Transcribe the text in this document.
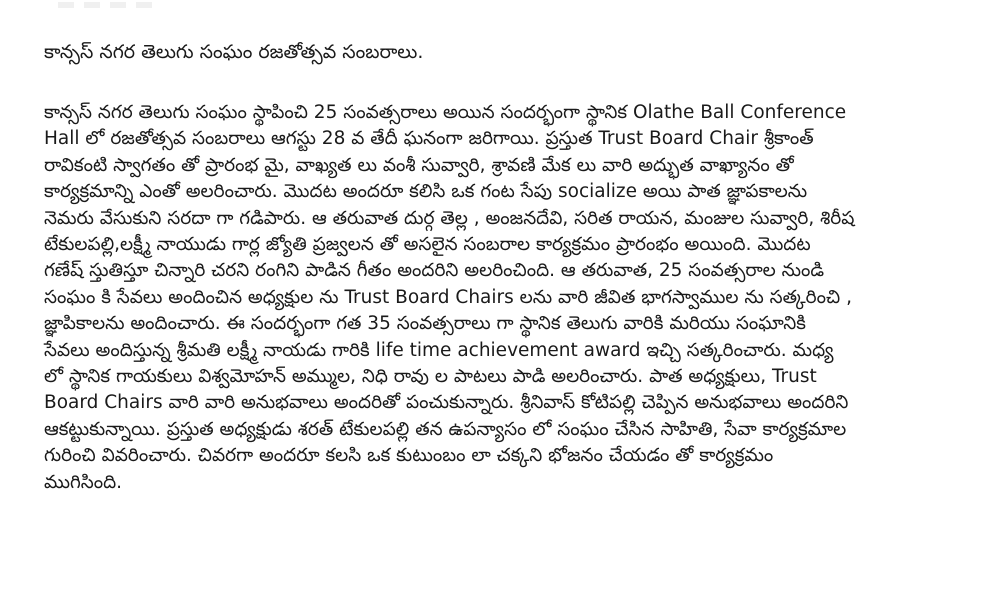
కాన్సస్ నగర తెలుగు సంఘం రజతోత్సవ సంబరాలు.
కాన్సస్ నగర తెలుగు సంఘం స్థాపించి 25 సంవత్సరాలు అయిన సందర్భంగా స్థానిక Olathe Ball Conference
Hall లో రజతోత్సవ సంబరాలు ఆగస్టు 28 వ తేదీ ఘనంగా జరిగాయి. ప్రస్తుత Trust Board Chair శ్రీకాంత్
రావికంటి స్వాగతం తో ప్రారంభ మై, వాఖ్యత లు వంశీ సువ్వారి, శ్రావణి మేక లు వారి అద్భుత వాఖ్యానం తో
కార్యక్రమాన్ని ఎంతో అలరించారు. మొదట అందరూ కలిసి ఒక గంట సేపు socialize అయి పాత జ్ఞాపకాలను
నెమరు వేసుకుని సరదా గా గడిపారు. ఆ తరువాత దుర్గ తెల్ల , అంజనదేవి, సరిత రాయన, మంజుల సువ్వారి, శిరీష
టేకులపల్లి,లక్ష్మీ నాయుడు గార్ల జ్యోతి ప్రజ్వలన తో అసలైన సంబరాల కార్యక్రమం ప్రారంభం అయింది. మొదట
గణేష్ స్తుతిస్తూ చిన్నారి చరని రంగిని పాడిన గీతం అందరిని అలరించింది. ఆ తరువాత, 25 సంవత్సరాల నుండి
సంఘం కి సేవలు అందించిన అధ్యక్షుల ను Trust Board Chairs లను వారి జీవిత భాగస్వాముల ను సత్కరించి ,
జ్ఞాపికాలను అందించారు. ఈ సందర్భంగా గత 35 సంవత్సరాలు గా స్థానిక తెలుగు వారికి మరియు సంఘానికి
సేవలు అందిస్తున్న శ్రీమతి లక్ష్మీ నాయడు గారికి life time achievement award ఇచ్చి సత్కరించారు. మధ్య
లో స్థానిక గాయకులు విశ్వమోహన్ అమ్ముల, నిధి రావు ల పాటలు పాడి అలరించారు. పాత అధ్యక్షులు, Trust
Board Chairs వారి వారి అనుభవాలు అందరితో పంచుకున్నారు. శ్రీనివాస్ కోటిపల్లి చెప్పిన అనుభవాలు అందరిని
ఆకట్టుకున్నాయి. ప్రస్తుత అధ్యక్షుడు శరత్ టేకులపల్లి తన ఉపన్యాసం లో సంఘం చేసిన సాహితి, సేవా కార్యక్రమాల
గురించి వివరించారు. చివరగా అందరూ కలసి ఒక కుటుంబం లా చక్కని భోజనం చేయడం తో కార్యక్రమం
ముగిసింది.
